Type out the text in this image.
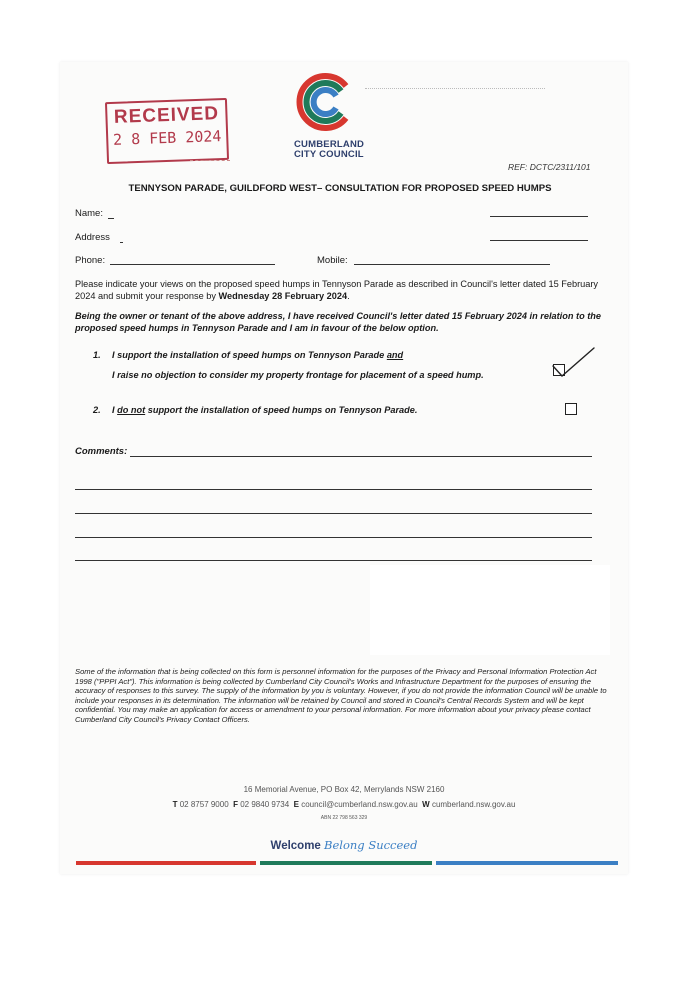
RECEIVED
2 8 FEB 2024	CUMBERLAND
CITY COUNCIL
REF: DCTC/2311/101
TENNYSON PARADE, GUILDFORD WEST– CONSULTATION FOR PROPOSED SPEED HUMPS
Name:
Address
Phone:	Mobile:
Please indicate your views on the proposed speed humps in Tennyson Parade as described in Council's letter dated 15 February 2024 and submit your response by Wednesday 28 February 2024.
Being the owner or tenant of the above address, I have received Council's letter dated 15 February 2024 in relation to the proposed speed humps in Tennyson Parade and I am in favour of the below option.
1. I support the installation of speed humps on Tennyson Parade and
I raise no objection to consider my property frontage for placement of a speed hump.
2. I do not support the installation of speed humps on Tennyson Parade.
Comments:
Some of the information that is being collected on this form is personnel information for the purposes of the Privacy and Personal Information Protection Act 1998 ("PPPI Act"). This information is being collected by Cumberland City Council's Works and Infrastructure Department for the purposes of ensuring the accuracy of responses to this survey. The supply of the information by you is voluntary. However, if you do not provide the information Council will be unable to include your responses in its determination. The information will be retained by Council and stored in Council's Central Records System and will be kept confidential. You may make an application for access or amendment to your personal information. For more information about your privacy please contact Cumberland City Council's Privacy Contact Officers.
16 Memorial Avenue, PO Box 42, Merrylands NSW 2160
T 02 8757 9000 F 02 9840 9734 E council@cumberland.nsw.gov.au W cumberland.nsw.gov.au
ABN 22 798 563 329
Welcome Belong Succeed
